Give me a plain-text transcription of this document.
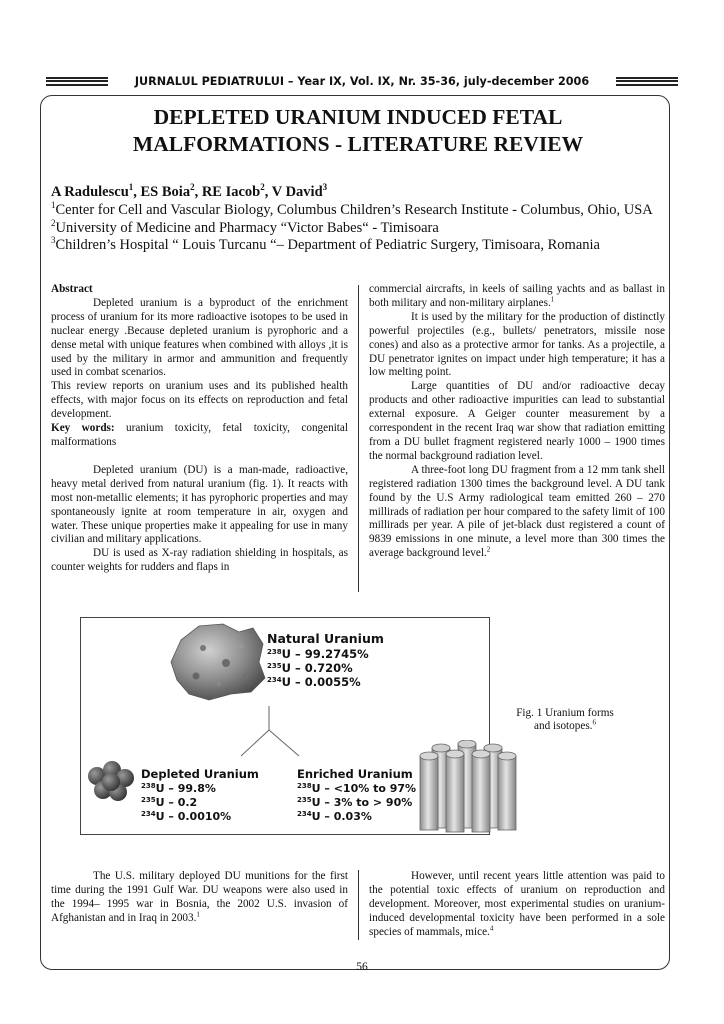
JURNALUL PEDIATRULUI – Year IX, Vol. IX, Nr. 35-36, july-december 2006
DEPLETED URANIUM INDUCED FETAL
MALFORMATIONS - LITERATURE REVIEW
A Radulescu$^1$, ES Boia$^2$, RE Iacob$^2$, V David$^3$
$^1$Center for Cell and Vascular Biology, Columbus Children’s Research Institute - Columbus, Ohio, USA
$^2$University of Medicine and Pharmacy “Victor Babes“ - Timisoara
$^3$Children’s Hospital “ Louis Turcanu “– Department of Pediatric Surgery, Timisoara, Romania

Abstract

Depleted uranium is a byproduct of the enrichment process of uranium for its more radioactive isotopes to be used in nuclear energy .Because depleted uranium is pyrophoric and a dense metal with unique features when combined with alloys ,it is used by the military in armor and ammunition and frequently used in combat scenarios.

This review reports on uranium uses and its published health effects, with major focus on its effects on reproduction and fetal development.

Key words: uranium toxicity, fetal toxicity, congenital malformations

Depleted uranium (DU) is a man-made, radioactive, heavy metal derived from natural uranium (fig. 1). It reacts with most non-metallic elements; it has pyrophoric properties and may spontaneously ignite at room temperature in air, oxygen and water. These unique properties make it appealing for use in many civilian and military applications.

DU is used as X-ray radiation shielding in hospitals, as counter weights for rudders and flaps in

commercial aircrafts, in keels of sailing yachts and as ballast in both military and non-military airplanes.$^1$

It is used by the military for the production of distinctly powerful projectiles (e.g., bullets/ penetrators, missile nose cones) and also as a protective armor for tanks. As a projectile, a DU penetrator ignites on impact under high temperature; it has a low melting point.

Large quantities of DU and/or radioactive decay products and other radioactive impurities can lead to substantial external exposure. A Geiger counter measurement by a correspondent in the recent Iraq war show that radiation emitting from a DU bullet fragment registered nearly 1000 – 1900 times the normal background radiation level.

A three-foot long DU fragment from a 12 mm tank shell registered radiation 1300 times the background level. A DU tank found by the U.S Army radiological team emitted 260 – 270 millirads of radiation per hour compared to the safety limit of 100 millirads per year. A pile of jet-black dust registered a count of 9839 emissions in one minute, a level more than 300 times the average background level.$^2$

Natural Uranium
$^{238}$U – 99.2745%
$^{235}$U – 0.720%
$^{234}$U – 0.0055%
Depleted Uranium
$^{238}$U – 99.8%
$^{235}$U – 0.2
$^{234}$U – 0.0010%
Enriched Uranium
$^{238}$U – <10% to 97%
$^{235}$U – 3% to > 90%
$^{234}$U – 0.03%
Fig. 1 Uranium forms
and isotopes.$^6$

The U.S. military deployed DU munitions for the first time during the 1991 Gulf War. DU weapons were also used in the 1994– 1995 war in Bosnia, the 2002 U.S. invasion of Afghanistan and in Iraq in 2003.$^1$

However, until recent years little attention was paid to the potential toxic effects of uranium on reproduction and development. Moreover, most experimental studies on uranium-induced developmental toxicity have been performed in a sole species of mammals, mice.$^4$

56
